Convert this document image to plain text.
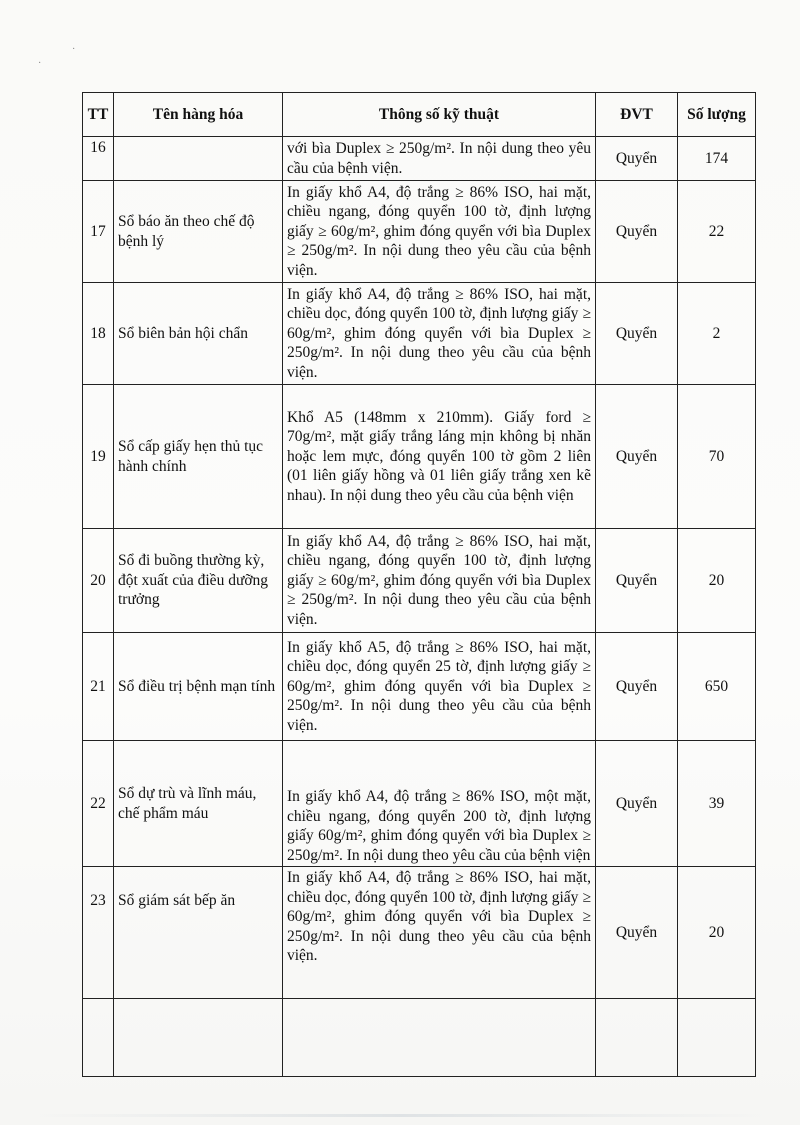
·
·
TT	Tên hàng hóa	Thông số kỹ thuật	ĐVT	Số lượng
16		với bìa Duplex ≥ 250g/m². In nội dung theo yêu cầu của bệnh viện.	Quyển	174
17	Sổ báo ăn theo chế độ bệnh lý	In giấy khổ A4, độ trắng ≥ 86% ISO, hai mặt, chiều ngang, đóng quyển 100 tờ, định lượng giấy ≥ 60g/m², ghim đóng quyển với bìa Duplex ≥ 250g/m². In nội dung theo yêu cầu của bệnh viện.	Quyển	22
18	Sổ biên bản hội chẩn	In giấy khổ A4, độ trắng ≥ 86% ISO, hai mặt, chiều dọc, đóng quyển 100 tờ, định lượng giấy ≥ 60g/m², ghim đóng quyển với bìa Duplex ≥ 250g/m². In nội dung theo yêu cầu của bệnh viện.	Quyển	2
19	Sổ cấp giấy hẹn thủ tục hành chính	Khổ A5 (148mm x 210mm). Giấy ford ≥ 70g/m², mặt giấy trắng láng mịn không bị nhăn hoặc lem mực, đóng quyển 100 tờ gồm 2 liên (01 liên giấy hồng và 01 liên giấy trắng xen kẽ nhau). In nội dung theo yêu cầu của bệnh viện	Quyển	70
20	Sổ đi buồng thường kỳ, đột xuất của điều dưỡng trưởng	In giấy khổ A4, độ trắng ≥ 86% ISO, hai mặt, chiều ngang, đóng quyển 100 tờ, định lượng giấy ≥ 60g/m², ghim đóng quyển với bìa Duplex ≥ 250g/m². In nội dung theo yêu cầu của bệnh viện.	Quyển	20
21	Sổ điều trị bệnh mạn tính	In giấy khổ A5, độ trắng ≥ 86% ISO, hai mặt, chiều dọc, đóng quyển 25 tờ, định lượng giấy ≥ 60g/m², ghim đóng quyển với bìa Duplex ≥ 250g/m². In nội dung theo yêu cầu của bệnh viện.	Quyển	650
22	Sổ dự trù và lĩnh máu, chế phẩm máu	In giấy khổ A4, độ trắng ≥ 86% ISO, một mặt, chiều ngang, đóng quyển 200 tờ, định lượng giấy 60g/m², ghim đóng quyển với bìa Duplex ≥ 250g/m². In nội dung theo yêu cầu của bệnh viện	Quyển	39
23	Sổ giám sát bếp ăn	In giấy khổ A4, độ trắng ≥ 86% ISO, hai mặt, chiều dọc, đóng quyển 100 tờ, định lượng giấy ≥ 60g/m², ghim đóng quyển với bìa Duplex ≥ 250g/m². In nội dung theo yêu cầu của bệnh viện.	Quyển	20
